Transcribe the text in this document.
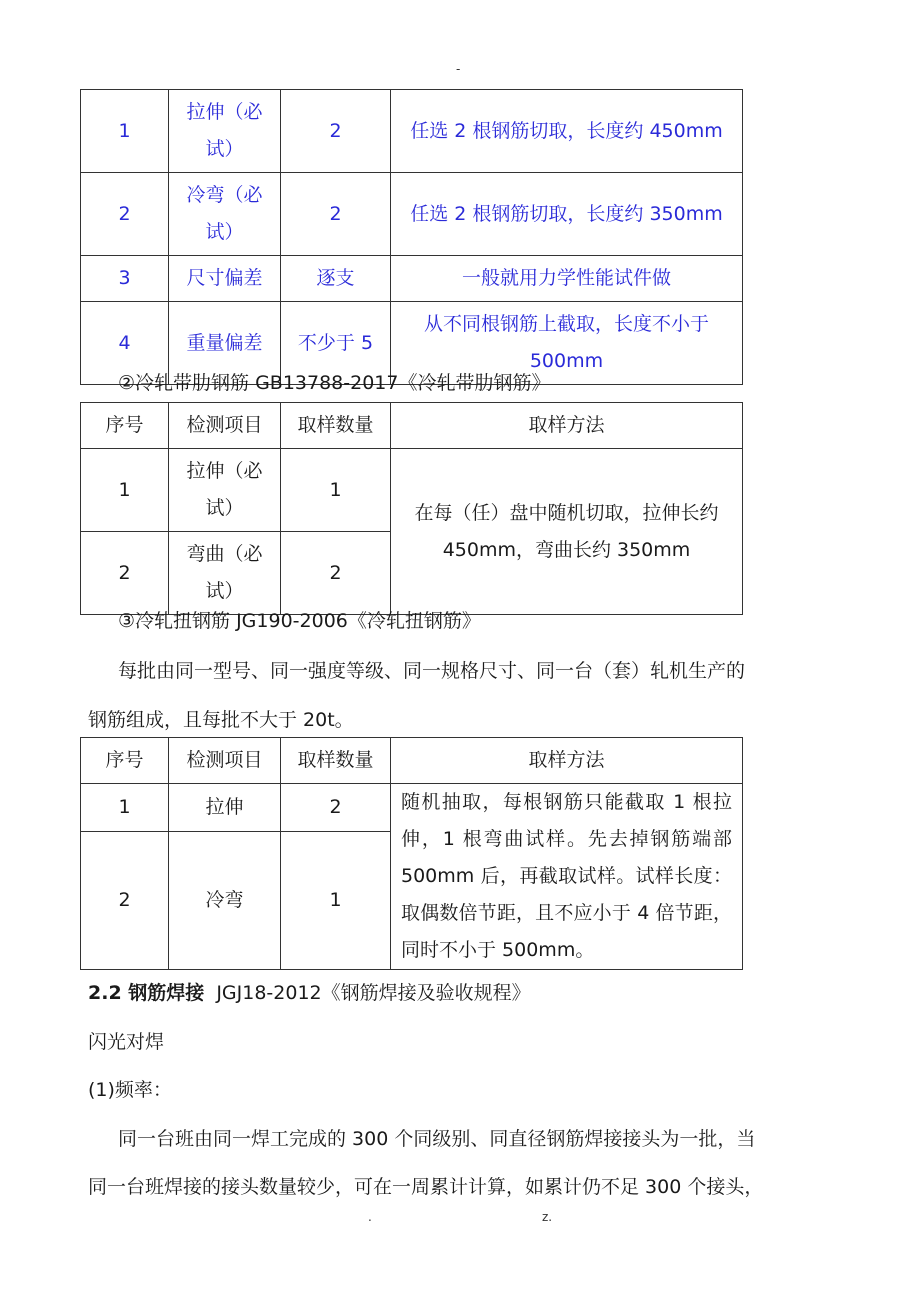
-
1	拉伸（必试）	2	任选 2 根钢筋切取，长度约 450mm
2	冷弯（必试）	2	任选 2 根钢筋切取，长度约 350mm
3	尺寸偏差	逐支	一般就用力学性能试件做
4	重量偏差	不少于 5	从不同根钢筋上截取，长度不小于 500mm
②冷轧带肋钢筋 GB13788-2017《冷轧带肋钢筋》
序号	检测项目	取样数量	取样方法
1	拉伸（必试）	1	在每（任）盘中随机切取，拉伸长约 450mm，弯曲长约 350mm
2	弯曲（必试）	2	
③冷轧扭钢筋 JG190-2006《冷轧扭钢筋》
每批由同一型号、同一强度等级、同一规格尺寸、同一台（套）轧机生产的
钢筋组成，且每批不大于 20t。
序号	检测项目	取样数量	取样方法
1	拉伸	2	随机抽取，每根钢筋只能截取 1 根拉伸，1 根弯曲试样。先去掉钢筋端部 500mm 后，再截取试样。试样长度：取偶数倍节距，且不应小于 4 倍节距，同时不小于 500mm。
2	冷弯	1	
2.2 钢筋焊接 JGJ18-2012《钢筋焊接及验收规程》
闪光对焊
(1)频率：
同一台班由同一焊工完成的 300 个同级别、同直径钢筋焊接接头为一批，当
同一台班焊接的接头数量较少，可在一周累计计算，如累计仍不足 300 个接头，
.	z.
